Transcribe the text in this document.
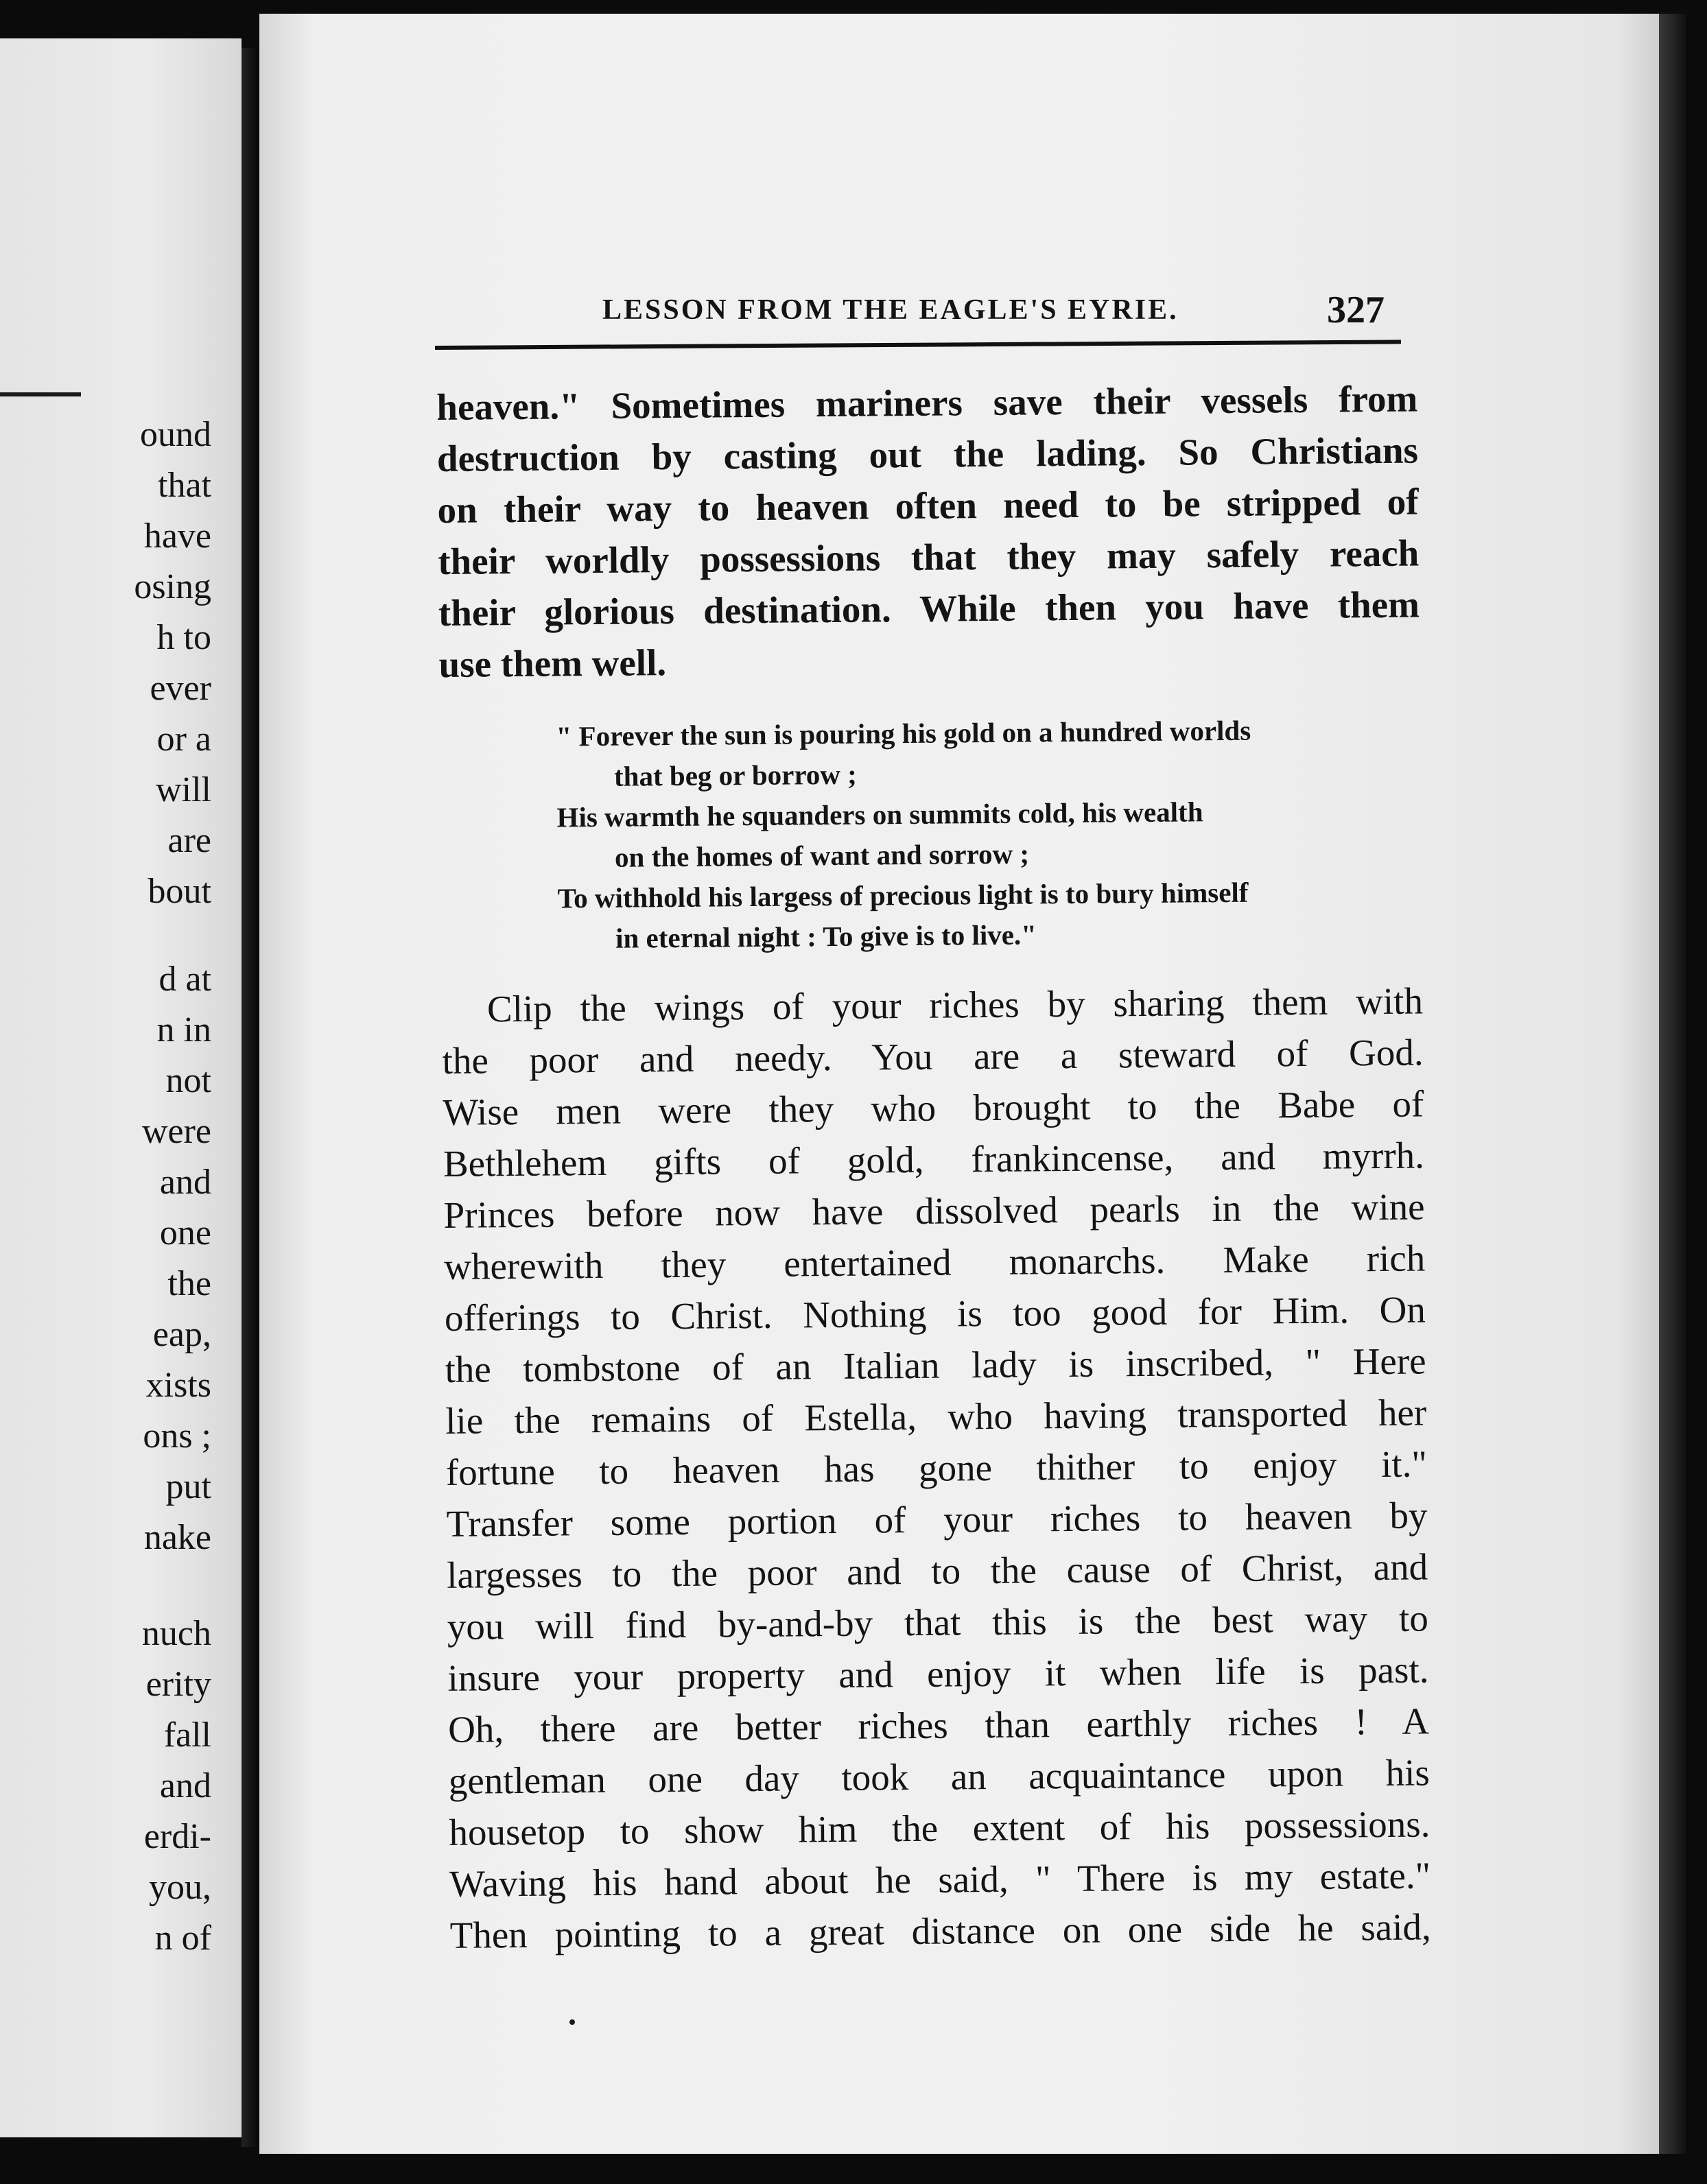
ound

that

have

osing

h to

ever

or a

will

are

bout

d at

n in

not

were

and

one

the

eap,

xists

ons ;

put

nake

nuch

erity

fall

and

erdi-

you,

n of

LESSON FROM THE EAGLE'S EYRIE.	327

heaven." Sometimes mariners save their vessels from
destruction by casting out the lading. So Christians
on their way to heaven often need to be stripped of
their worldly possessions that they may safely reach
their glorious destination. While then you have them
use them well.
" Forever the sun is pouring his gold on a hundred worlds
that beg or borrow ;
His warmth he squanders on summits cold, his wealth
on the homes of want and sorrow ;
To withhold his largess of precious light is to bury himself
in eternal night : To give is to live."
Clip the wings of your riches by sharing them with
the poor and needy. You are a steward of God.
Wise men were they who brought to the Babe of
Bethlehem gifts of gold, frankincense, and myrrh.
Princes before now have dissolved pearls in the wine
wherewith they entertained monarchs. Make rich
offerings to Christ. Nothing is too good for Him. On
the tombstone of an Italian lady is inscribed, " Here
lie the remains of Estella, who having transported her
fortune to heaven has gone thither to enjoy it."
Transfer some portion of your riches to heaven by
largesses to the poor and to the cause of Christ, and
you will find by-and-by that this is the best way to
insure your property and enjoy it when life is past.
Oh, there are better riches than earthly riches ! A
gentleman one day took an acquaintance upon his
housetop to show him the extent of his possessions.
Waving his hand about he said, " There is my estate."
Then pointing to a great distance on one side he said,
